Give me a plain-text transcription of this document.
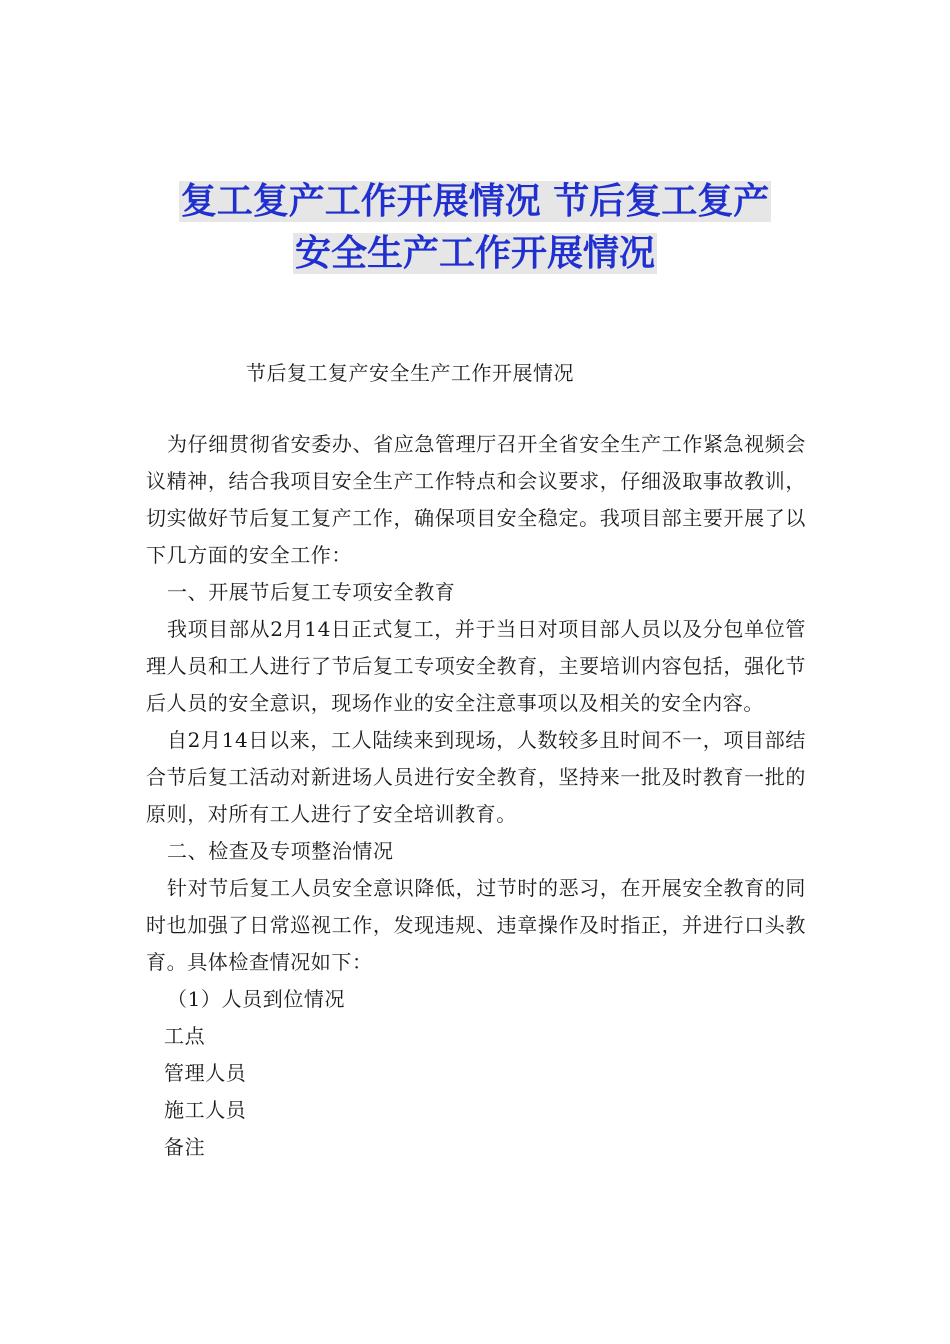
复工复产工作开展情况 节后复工复产
安全生产工作开展情况
节后复工复产安全生产工作开展情况

为仔细贯彻省安委办、省应急管理厅召开全省安全生产工作紧急视频会议精神，结合我项目安全生产工作特点和会议要求，仔细汲取事故教训，切实做好节后复工复产工作，确保项目安全稳定。我项目部主要开展了以下几方面的安全工作：

一、开展节后复工专项安全教育

我项目部从2月14日正式复工，并于当日对项目部人员以及分包单位管理人员和工人进行了节后复工专项安全教育，主要培训内容包括，强化节后人员的安全意识，现场作业的安全注意事项以及相关的安全内容。

自2月14日以来，工人陆续来到现场，人数较多且时间不一，项目部结合节后复工活动对新进场人员进行安全教育，坚持来一批及时教育一批的原则，对所有工人进行了安全培训教育。

二、检查及专项整治情况

针对节后复工人员安全意识降低，过节时的恶习，在开展安全教育的同时也加强了日常巡视工作，发现违规、违章操作及时指正，并进行口头教育。具体检查情况如下：

（1）人员到位情况

工点

管理人员

施工人员

备注
